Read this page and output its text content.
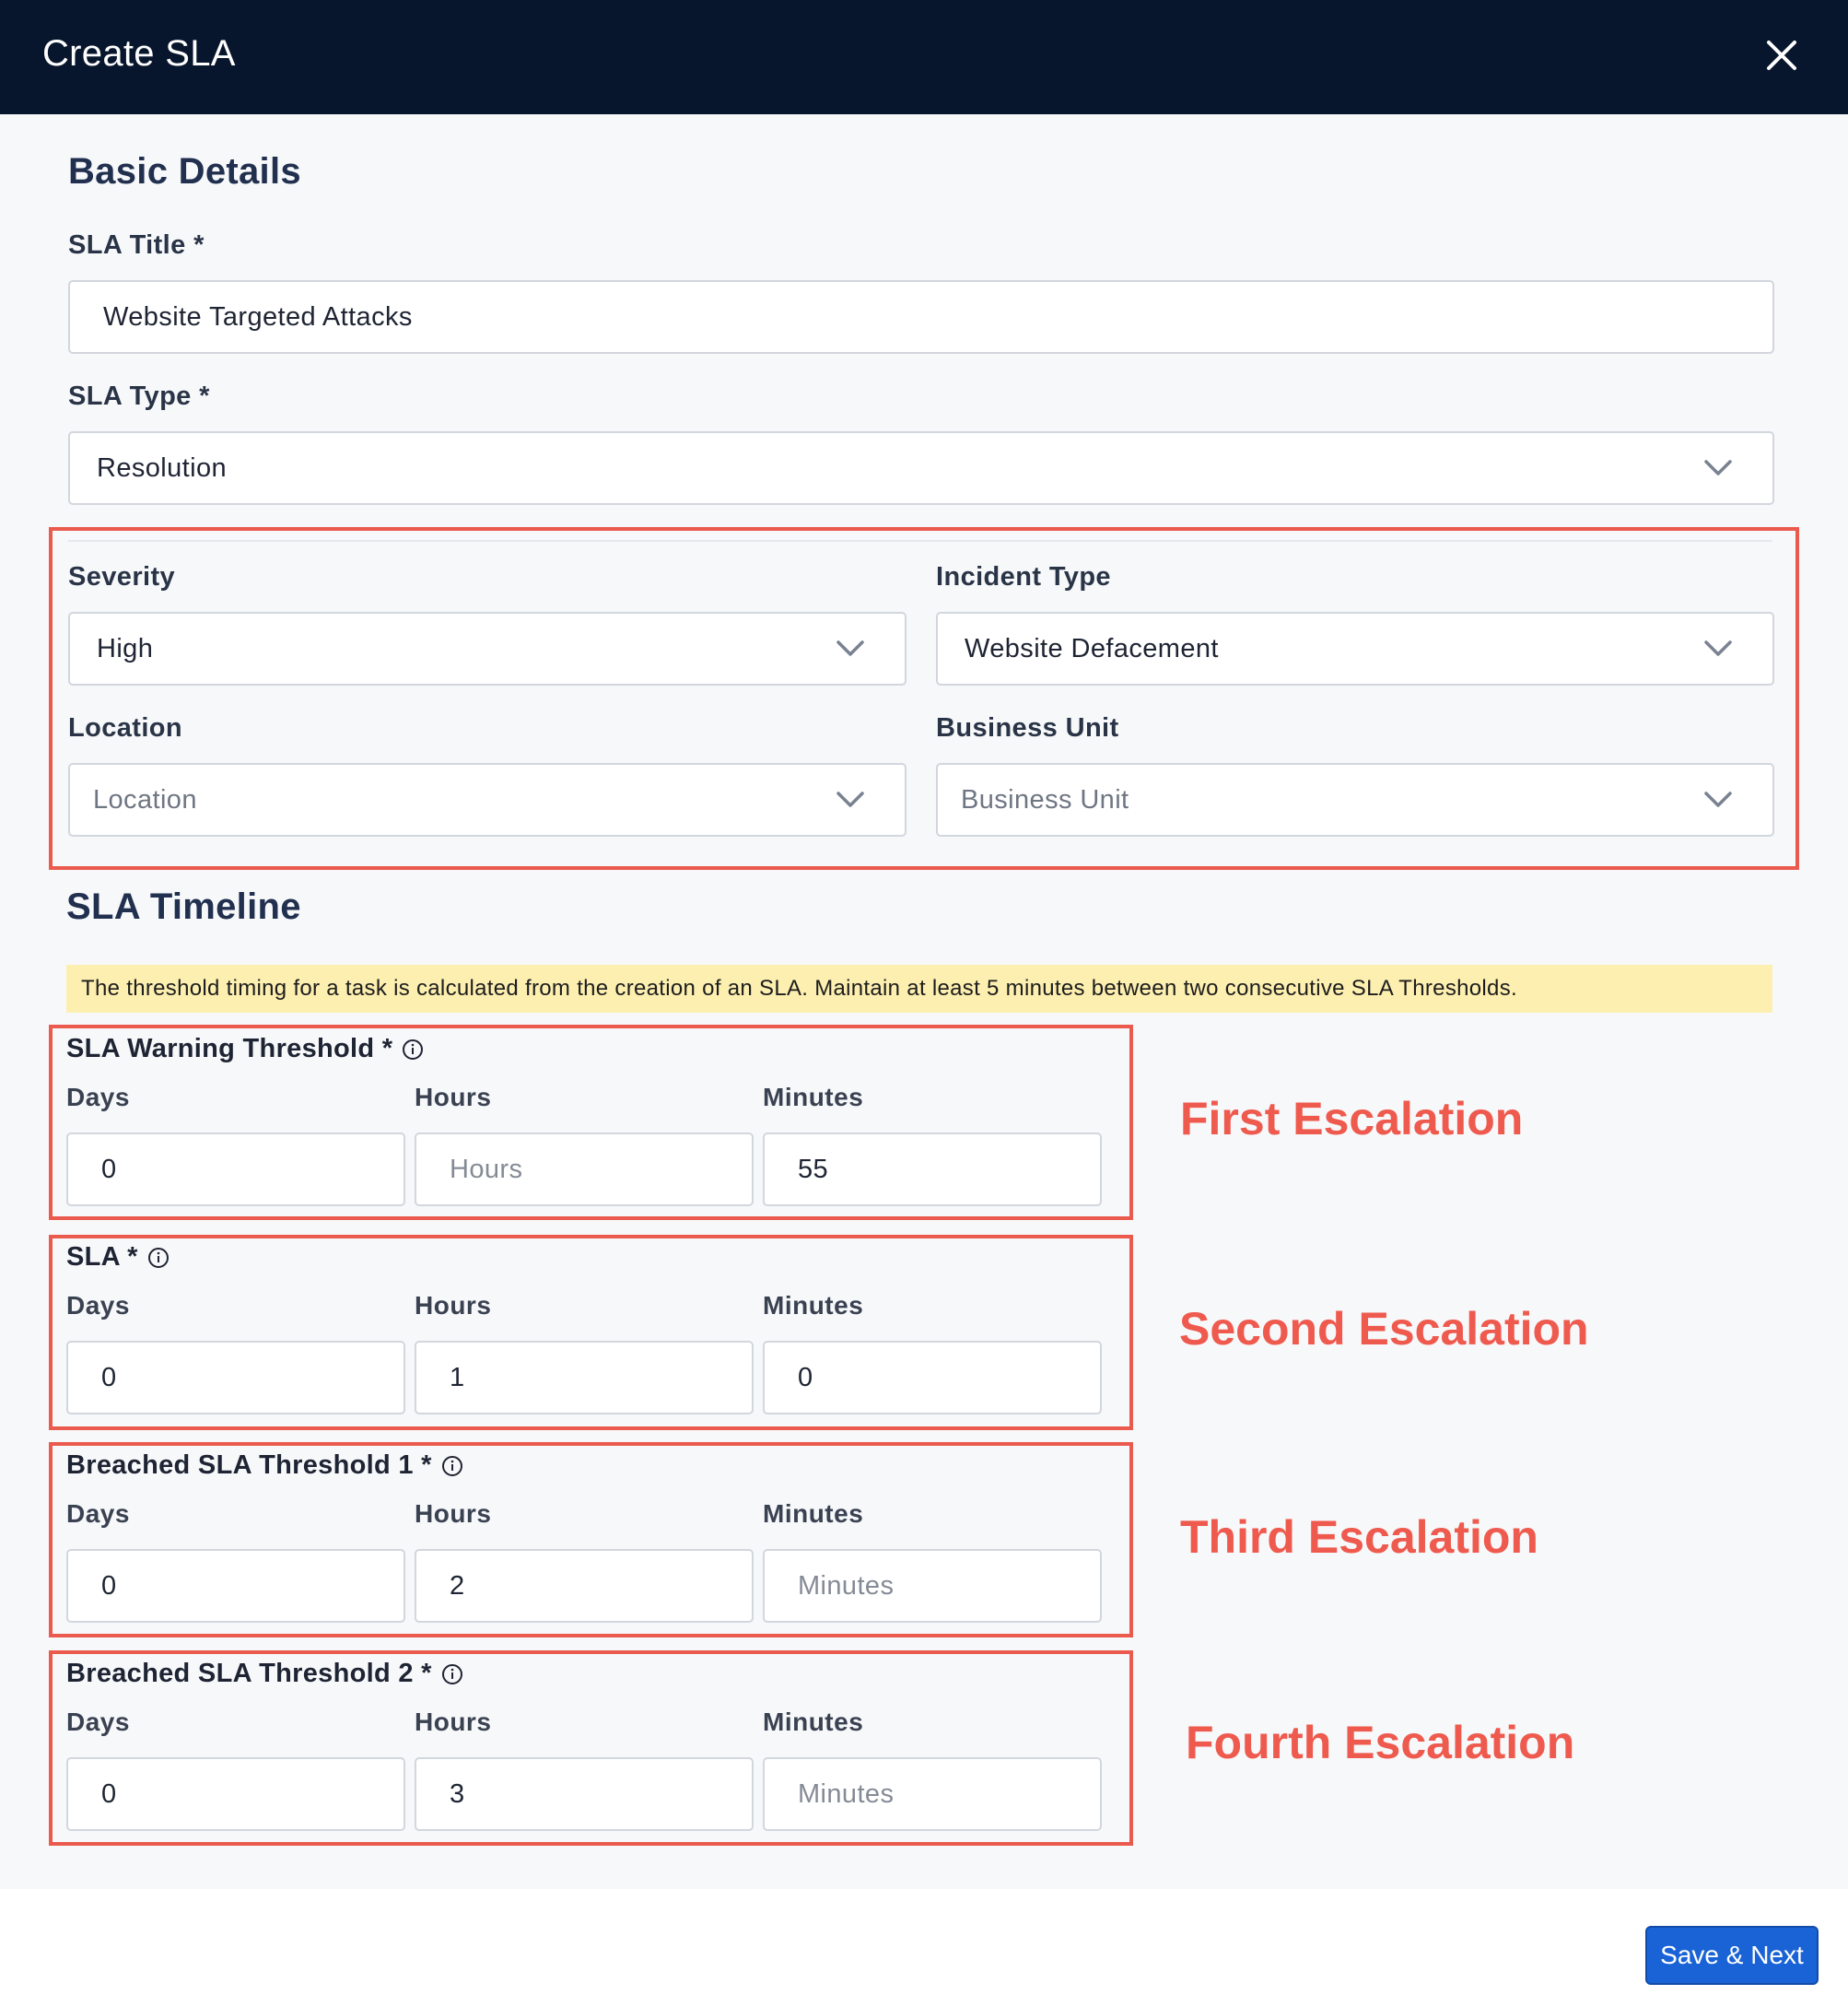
Create SLA
Basic Details
SLA Title *
Website Targeted Attacks
SLA Type *
Resolution
Severity
High
Incident Type
Website Defacement
Location
Location
Business Unit
Business Unit
SLA Timeline
The threshold timing for a task is calculated from the creation of an SLA. Maintain at least 5 minutes between two consecutive SLA Thresholds.
SLA Warning Threshold *
Days	Hours	Minutes
0	Hours	55
First Escalation
SLA *
Days	Hours	Minutes
0	1	0
Second Escalation
Breached SLA Threshold 1 *
Days	Hours	Minutes
0	2	Minutes
Third Escalation
Breached SLA Threshold 2 *
Days	Hours	Minutes
0	3	Minutes
Fourth Escalation
Save & Next
